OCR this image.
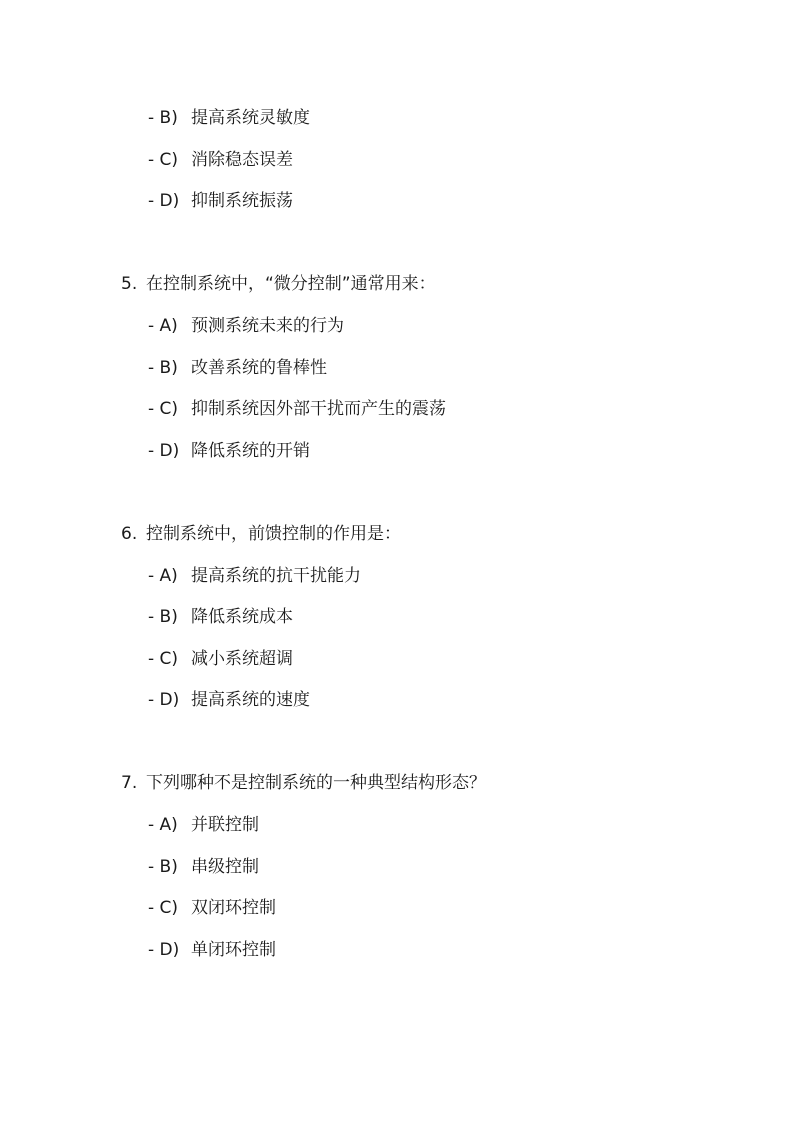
- B) 提高系统灵敏度
- C) 消除稳态误差
- D) 抑制系统振荡
5. 在控制系统中，“微分控制”通常用来：
- A) 预测系统未来的行为
- B) 改善系统的鲁棒性
- C) 抑制系统因外部干扰而产生的震荡
- D) 降低系统的开销
6. 控制系统中，前馈控制的作用是：
- A) 提高系统的抗干扰能力
- B) 降低系统成本
- C) 减小系统超调
- D) 提高系统的速度
7. 下列哪种不是控制系统的一种典型结构形态？
- A) 并联控制
- B) 串级控制
- C) 双闭环控制
- D) 单闭环控制
